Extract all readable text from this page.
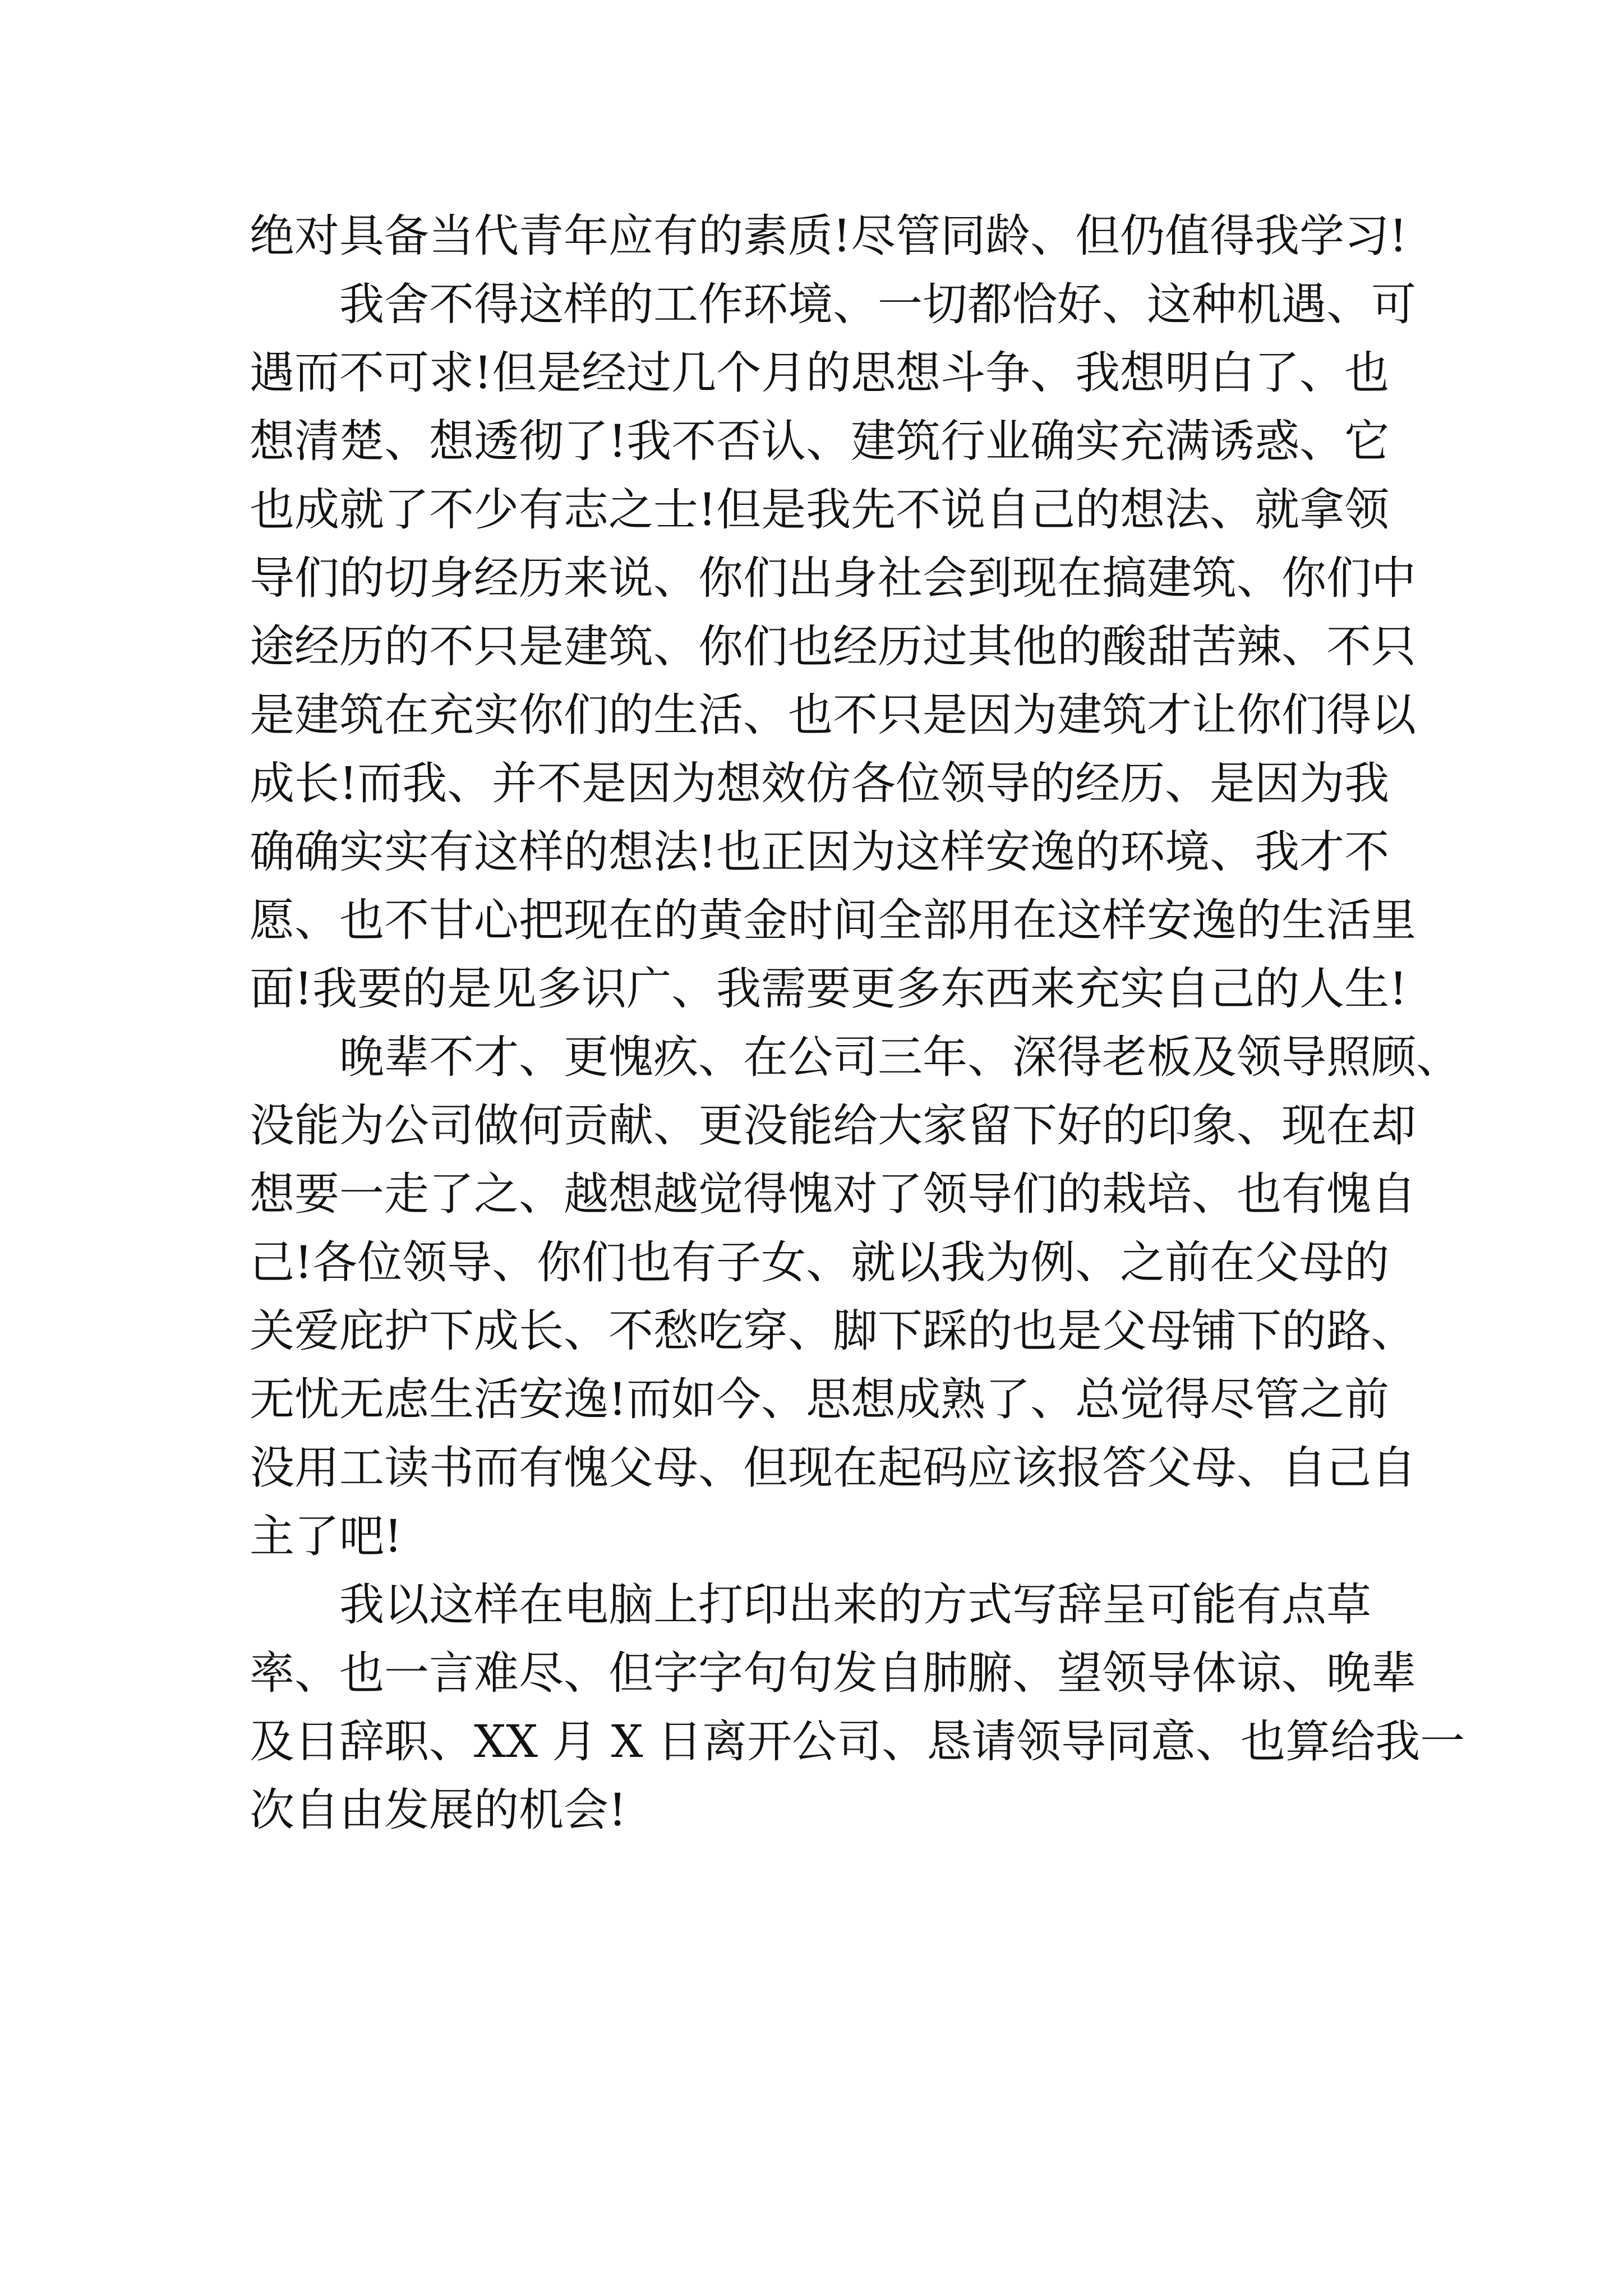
绝对具备当代青年应有的素质!尽管同龄、但仍值得我学习!
　　我舍不得这样的工作环境、一切都恰好、这种机遇、可
遇而不可求!但是经过几个月的思想斗争、我想明白了、也
想清楚、想透彻了!我不否认、建筑行业确实充满诱惑、它
也成就了不少有志之士!但是我先不说自己的想法、就拿领
导们的切身经历来说、你们出身社会到现在搞建筑、你们中
途经历的不只是建筑、你们也经历过其他的酸甜苦辣、不只
是建筑在充实你们的生活、也不只是因为建筑才让你们得以
成长!而我、并不是因为想效仿各位领导的经历、是因为我
确确实实有这样的想法!也正因为这样安逸的环境、我才不
愿、也不甘心把现在的黄金时间全部用在这样安逸的生活里
面!我要的是见多识广、我需要更多东西来充实自己的人生!
　　晚辈不才、更愧疚、在公司三年、深得老板及领导照顾、
没能为公司做何贡献、更没能给大家留下好的印象、现在却
想要一走了之、越想越觉得愧对了领导们的栽培、也有愧自
己!各位领导、你们也有子女、就以我为例、之前在父母的
关爱庇护下成长、不愁吃穿、脚下踩的也是父母铺下的路、
无忧无虑生活安逸!而如今、思想成熟了、总觉得尽管之前
没用工读书而有愧父母、但现在起码应该报答父母、自己自
主了吧!
　　我以这样在电脑上打印出来的方式写辞呈可能有点草
率、也一言难尽、但字字句句发自肺腑、望领导体谅、晚辈
及日辞职、XX 月 X 日离开公司、恳请领导同意、也算给我一
次自由发展的机会!
